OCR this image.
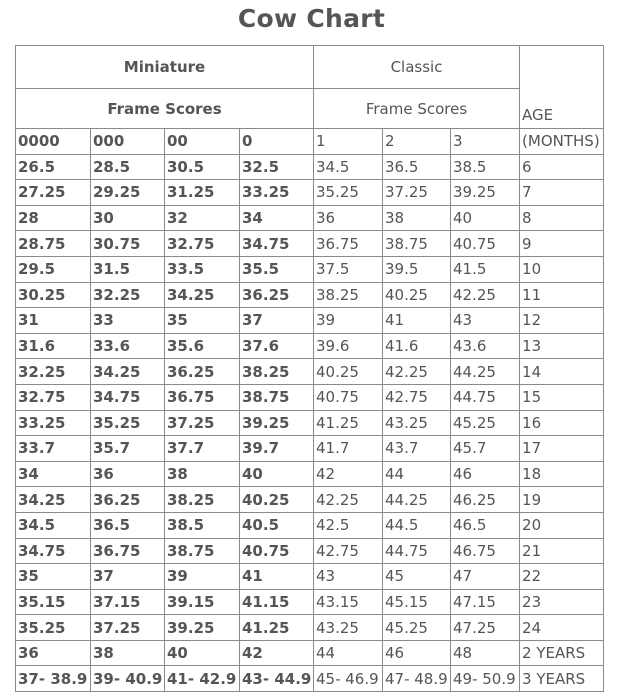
Cow Chart
Miniature				Classic			AGE
Frame Scores				Frame Scores			
0000	000	00	0	1	2	3	(MONTHS)
26.5	28.5	30.5	32.5	34.5	36.5	38.5	6
27.25	29.25	31.25	33.25	35.25	37.25	39.25	7
28	30	32	34	36	38	40	8
28.75	30.75	32.75	34.75	36.75	38.75	40.75	9
29.5	31.5	33.5	35.5	37.5	39.5	41.5	10
30.25	32.25	34.25	36.25	38.25	40.25	42.25	11
31	33	35	37	39	41	43	12
31.6	33.6	35.6	37.6	39.6	41.6	43.6	13
32.25	34.25	36.25	38.25	40.25	42.25	44.25	14
32.75	34.75	36.75	38.75	40.75	42.75	44.75	15
33.25	35.25	37.25	39.25	41.25	43.25	45.25	16
33.7	35.7	37.7	39.7	41.7	43.7	45.7	17
34	36	38	40	42	44	46	18
34.25	36.25	38.25	40.25	42.25	44.25	46.25	19
34.5	36.5	38.5	40.5	42.5	44.5	46.5	20
34.75	36.75	38.75	40.75	42.75	44.75	46.75	21
35	37	39	41	43	45	47	22
35.15	37.15	39.15	41.15	43.15	45.15	47.15	23
35.25	37.25	39.25	41.25	43.25	45.25	47.25	24
36	38	40	42	44	46	48	2 YEARS
37- 38.9	39- 40.9	41- 42.9	43- 44.9	45- 46.9	47- 48.9	49- 50.9	3 YEARS
